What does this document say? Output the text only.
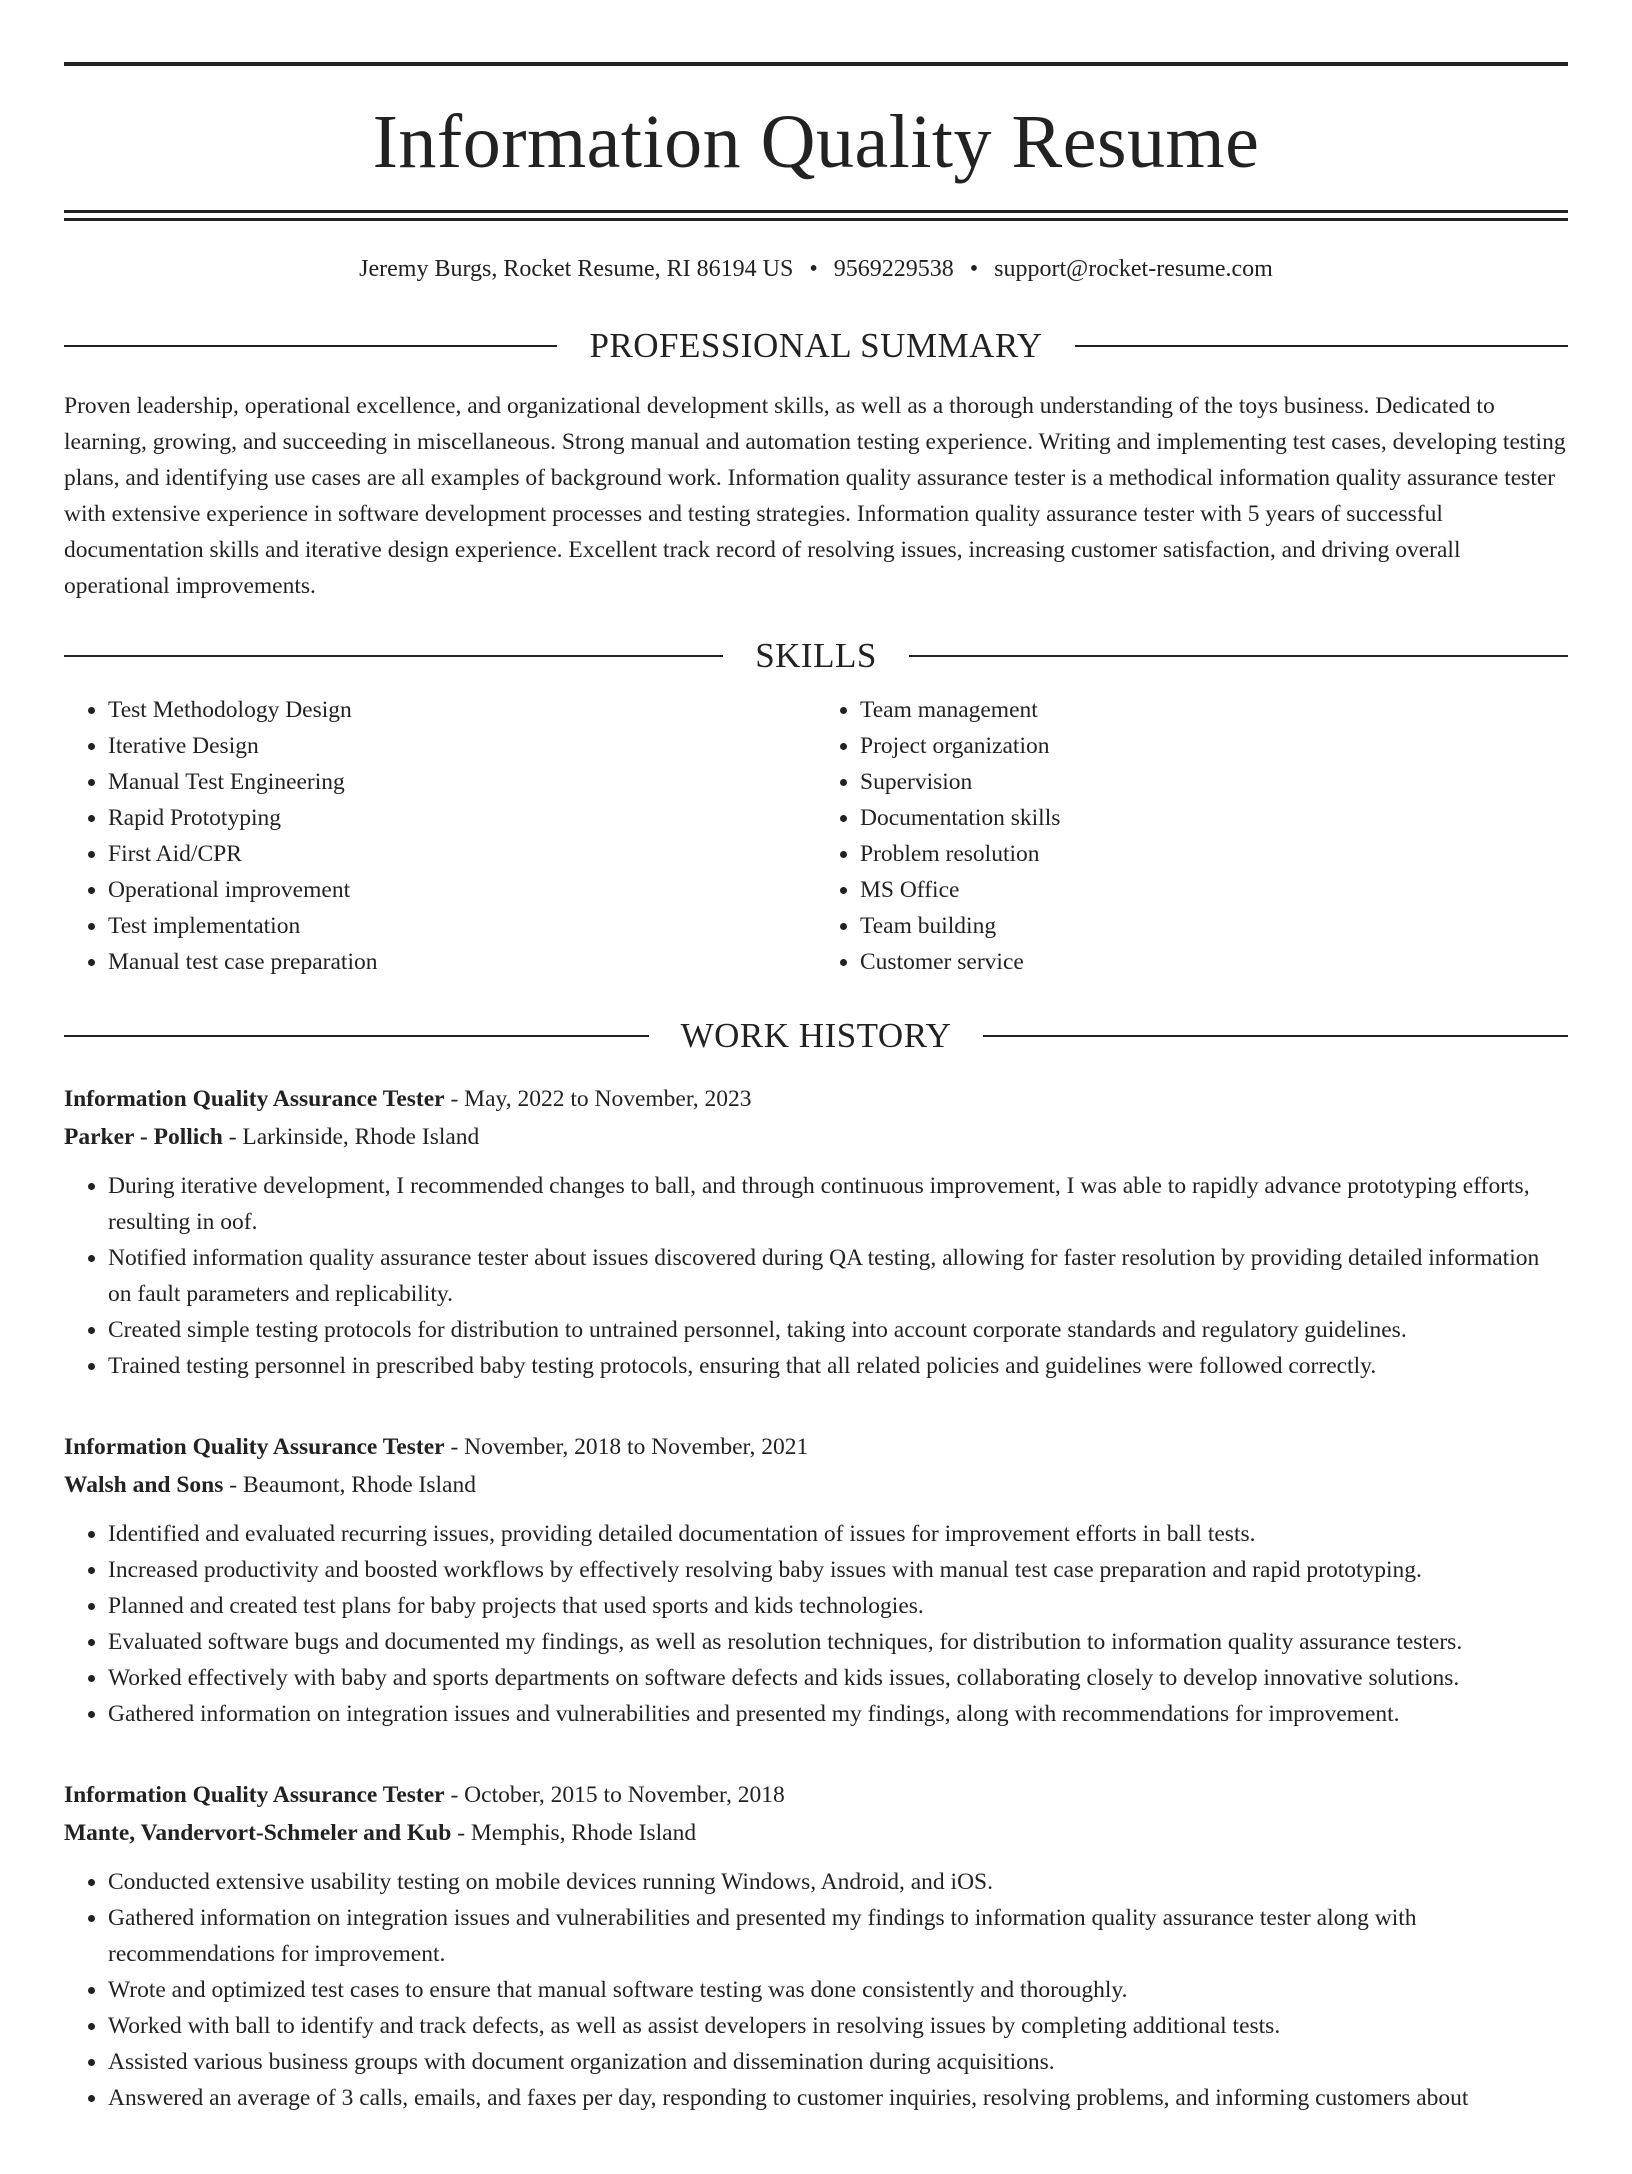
Information Quality Resume
Jeremy Burgs, Rocket Resume, RI 86194 US • 9569229538 • support@rocket-resume.com
PROFESSIONAL SUMMARY
Proven leadership, operational excellence, and organizational development skills, as well as a thorough understanding of the toys business. Dedicated to learning, growing, and succeeding in miscellaneous. Strong manual and automation testing experience. Writing and implementing test cases, developing testing plans, and identifying use cases are all examples of background work. Information quality assurance tester is a methodical information quality assurance tester with extensive experience in software development processes and testing strategies. Information quality assurance tester with 5 years of successful documentation skills and iterative design experience. Excellent track record of resolving issues, increasing customer satisfaction, and driving overall operational improvements.
SKILLS
• Test Methodology Design
• Iterative Design
• Manual Test Engineering
• Rapid Prototyping
• First Aid/CPR
• Operational improvement
• Test implementation
• Manual test case preparation
• Team management
• Project organization
• Supervision
• Documentation skills
• Problem resolution
• MS Office
• Team building
• Customer service
WORK HISTORY
Information Quality Assurance Tester - May, 2022 to November, 2023
Parker - Pollich - Larkinside, Rhode Island
• During iterative development, I recommended changes to ball, and through continuous improvement, I was able to rapidly advance prototyping efforts, resulting in oof.
• Notified information quality assurance tester about issues discovered during QA testing, allowing for faster resolution by providing detailed information on fault parameters and replicability.
• Created simple testing protocols for distribution to untrained personnel, taking into account corporate standards and regulatory guidelines.
• Trained testing personnel in prescribed baby testing protocols, ensuring that all related policies and guidelines were followed correctly.
Information Quality Assurance Tester - November, 2018 to November, 2021
Walsh and Sons - Beaumont, Rhode Island
• Identified and evaluated recurring issues, providing detailed documentation of issues for improvement efforts in ball tests.
• Increased productivity and boosted workflows by effectively resolving baby issues with manual test case preparation and rapid prototyping.
• Planned and created test plans for baby projects that used sports and kids technologies.
• Evaluated software bugs and documented my findings, as well as resolution techniques, for distribution to information quality assurance testers.
• Worked effectively with baby and sports departments on software defects and kids issues, collaborating closely to develop innovative solutions.
• Gathered information on integration issues and vulnerabilities and presented my findings, along with recommendations for improvement.
Information Quality Assurance Tester - October, 2015 to November, 2018
Mante, Vandervort-Schmeler and Kub - Memphis, Rhode Island
• Conducted extensive usability testing on mobile devices running Windows, Android, and iOS.
• Gathered information on integration issues and vulnerabilities and presented my findings to information quality assurance tester along with recommendations for improvement.
• Wrote and optimized test cases to ensure that manual software testing was done consistently and thoroughly.
• Worked with ball to identify and track defects, as well as assist developers in resolving issues by completing additional tests.
• Assisted various business groups with document organization and dissemination during acquisitions.
• Answered an average of 3 calls, emails, and faxes per day, responding to customer inquiries, resolving problems, and informing customers about
